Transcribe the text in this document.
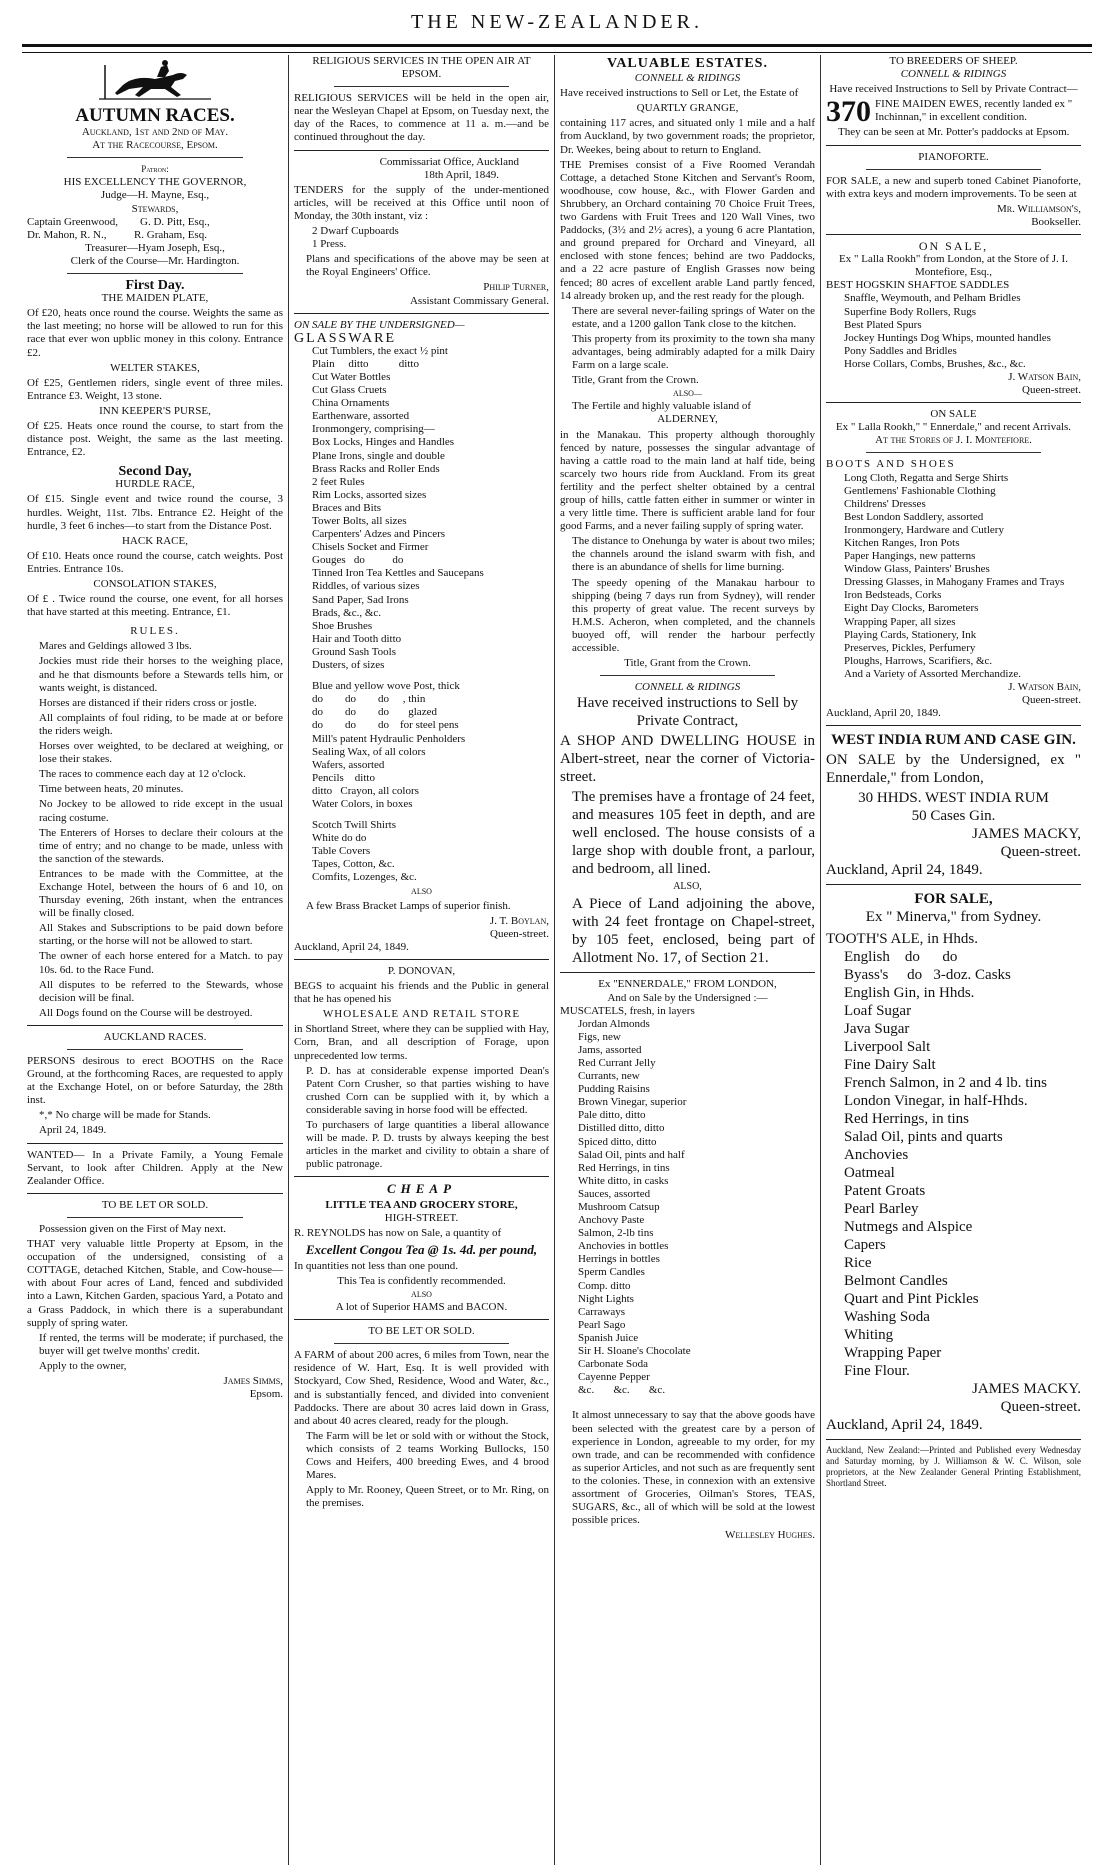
THE NEW-ZEALANDER.
AUTUMN RACES.
Auckland, 1st and 2nd of May.
At the Racecourse, Epsom.
Patron:
HIS EXCELLENCY THE GOVERNOR,
Judge—H. Mayne, Esq.,
Stewards,
Captain Greenwood,        G. D. Pitt, Esq.,
Dr. Mahon, R. N.,          R. Graham, Esq.
Treasurer—Hyam Joseph, Esq.,
Clerk of the Course—Mr. Hardington.
First Day.
THE MAIDEN PLATE,

Of £20, heats once round the course. Weights the same as the last meeting; no horse will be allowed to run for this race that ever won upblic money in this colony. Entrance £2.

WELTER STAKES,

Of £25, Gentlemen riders, single event of three miles. Entrance £3. Weight, 13 stone.

INN KEEPER'S PURSE,

Of £25. Heats once round the course, to start from the distance post. Weight, the same as the last meeting. Entrance, £2.

Second Day,
HURDLE RACE,

Of £15. Single event and twice round the course, 3 hurdles. Weight, 11st. 7lbs. Entrance £2. Height of the hurdle, 3 feet 6 inches—to start from the Distance Post.

HACK RACE,

Of £10. Heats once round the course, catch weights. Post Entries. Entrance 10s.

CONSOLATION STAKES,

Of £ . Twice round the course, one event, for all horses that have started at this meeting. Entrance, £1.

RULES.

Mares and Geldings allowed 3 lbs.

Jockies must ride their horses to the weighing place, and he that dismounts before a Stewards tells him, or wants weight, is distanced.

Horses are distanced if their riders cross or jostle.

All complaints of foul riding, to be made at or before the riders weigh.

Horses over weighted, to be declared at weighing, or lose their stakes.

The races to commence each day at 12 o'clock.

Time between heats, 20 minutes.

No Jockey to be allowed to ride except in the usual racing costume.

The Enterers of Horses to declare their colours at the time of entry; and no change to be made, unless with the sanction of the stewards.

Entrances to be made with the Committee, at the Exchange Hotel, between the hours of 6 and 10, on Thursday evening, 26th instant, when the entrances will be finally closed.

All Stakes and Subscriptions to be paid down before starting, or the horse will not be allowed to start.

The owner of each horse entered for a Match. to pay 10s. 6d. to the Race Fund.

All disputes to be referred to the Stewards, whose decision will be final.

All Dogs found on the Course will be destroyed.

AUCKLAND RACES.

PERSONS desirous to erect BOOTHS on the Race Ground, at the forthcoming Races, are requested to apply at the Exchange Hotel, on or before Saturday, the 28th inst.

*,* No charge will be made for Stands.

April 24, 1849.

WANTED— In a Private Family, a Young Female Servant, to look after Children. Apply at the New Zealander Office.

TO BE LET OR SOLD.

Possession given on the First of May next.

THAT very valuable little Property at Epsom, in the occupation of the undersigned, consisting of a COTTAGE, detached Kitchen, Stable, and Cow-house—with about Four acres of Land, fenced and subdivided into a Lawn, Kitchen Garden, spacious Yard, a Potato and a Grass Paddock, in which there is a superabundant supply of spring water.

If rented, the terms will be moderate; if purchased, the buyer will get twelve months' credit.

Apply to the owner,

James Simms,
Epsom.
RELIGIOUS SERVICES IN THE OPEN AIR AT EPSOM.

RELIGIOUS SERVICES will be held in the open air, near the Wesleyan Chapel at Epsom, on Tuesday next, the day of the Races, to commence at 11 a. m.—and be continued throughout the day.

Commissariat Office, Auckland
18th April, 1849.

TENDERS for the supply of the under-mentioned articles, will be received at this Office until noon of Monday, the 30th instant, viz :

2 Dwarf Cupboards
1 Press.

Plans and specifications of the above may be seen at the Royal Engineers' Office.

Philip Turner,
Assistant Commissary General.
ON SALE BY THE UNDERSIGNED—
GLASSWARE
Cut Tumblers, the exact ½ pint
Plain     ditto           ditto
Cut Water Bottles
Cut Glass Cruets
China Ornaments
Earthenware, assorted
Ironmongery, comprising—
Box Locks, Hinges and Handles
Plane Irons, single and double
Brass Racks and Roller Ends
2 feet Rules
Rim Locks, assorted sizes
Braces and Bits
Tower Bolts, all sizes
Carpenters' Adzes and Pincers
Chisels Socket and Firmer
Gouges   do          do
Tinned Iron Tea Kettles and Saucepans
Riddles, of various sizes
Sand Paper, Sad Irons
Brads, &c., &c.
Shoe Brushes
Hair and Tooth ditto
Ground Sash Tools
Dusters, of sizes
Blue and yellow wove Post, thick
do        do        do     , thin
do        do        do       glazed
do        do        do    for steel pens
Mill's patent Hydraulic Penholders
Sealing Wax, of all colors
Wafers, assorted
Pencils    ditto
ditto   Crayon, all colors
Water Colors, in boxes
Scotch Twill Shirts
White do do
Table Covers
Tapes, Cotton, &c.
Comfits, Lozenges, &c.
ALSO

A few Brass Bracket Lamps of superior finish.

J. T. Boylan,
Queen-street.
Auckland, April 24, 1849.
P. DONOVAN,

BEGS to acquaint his friends and the Public in general that he has opened his

WHOLESALE AND RETAIL STORE

in Shortland Street, where they can be supplied with Hay, Corn, Bran, and all description of Forage, upon unprecedented low terms.

P. D. has at considerable expense imported Dean's Patent Corn Crusher, so that parties wishing to have crushed Corn can be supplied with it, by which a considerable saving in horse food will be effected.

To purchasers of large quantities a liberal allowance will be made. P. D. trusts by always keeping the best articles in the market and civility to obtain a share of public patronage.

CHEAP
LITTLE TEA AND GROCERY STORE,
HIGH-STREET.

R. REYNOLDS has now on Sale, a quantity of

Excellent Congou Tea @ 1s. 4d. per pound,

In quantities not less than one pound.

This Tea is confidently recommended.
ALSO
A lot of Superior HAMS and BACON.
TO BE LET OR SOLD.

A FARM of about 200 acres, 6 miles from Town, near the residence of W. Hart, Esq. It is well provided with Stockyard, Cow Shed, Residence, Wood and Water, &c., and is substantially fenced, and divided into convenient Paddocks. There are about 30 acres laid down in Grass, and about 40 acres cleared, ready for the plough.

The Farm will be let or sold with or without the Stock, which consists of 2 teams Working Bullocks, 150 Cows and Heifers, 400 breeding Ewes, and 4 brood Mares.

Apply to Mr. Rooney, Queen Street, or to Mr. Ring, on the premises.

VALUABLE ESTATES.
CONNELL & RIDINGS

Have received instructions to Sell or Let, the Estate of

QUARTLY GRANGE,

containing 117 acres, and situated only 1 mile and a half from Auckland, by two government roads; the proprietor, Dr. Weekes, being about to return to England.

THE Premises consist of a Five Roomed Verandah Cottage, a detached Stone Kitchen and Servant's Room, woodhouse, cow house, &c., with Flower Garden and Shrubbery, an Orchard containing 70 Choice Fruit Trees, two Gardens with Fruit Trees and 120 Wall Vines, two Paddocks, (3½ and 2½ acres), a young 6 acre Plantation, and ground prepared for Orchard and Vineyard, all enclosed with stone fences; behind are two Paddocks, and a 22 acre pasture of English Grasses now being fenced; 80 acres of excellent arable Land partly fenced, 14 already broken up, and the rest ready for the plough.

There are several never-failing springs of Water on the estate, and a 1200 gallon Tank close to the kitchen.

This property from its proximity to the town sha many advantages, being admirably adapted for a milk Dairy Farm on a large scale.

Title, Grant from the Crown.
ALSO—
The Fertile and highly valuable island of
ALDERNEY,

in the Manakau. This property although thoroughly fenced by nature, possesses the singular advantage of having a cattle road to the main land at half tide, being scarcely two hours ride from Auckland. From its great fertility and the perfect shelter obtained by a central group of hills, cattle fatten either in summer or winter in a very little time. There is sufficient arable land for four good Farms, and a never failing supply of spring water.

The distance to Onehunga by water is about two miles; the channels around the island swarm with fish, and there is an abundance of shells for lime burning.

The speedy opening of the Manakau harbour to shipping (being 7 days run from Sydney), will render this property of great value. The recent surveys by H.M.S. Acheron, when completed, and the channels buoyed off, will render the harbour perfectly accessible.

Title, Grant from the Crown.
CONNELL & RIDINGS
Have received instructions to Sell by Private Contract,

A SHOP AND DWELLING HOUSE in Albert-street, near the corner of Victoria-street.

The premises have a frontage of 24 feet, and measures 105 feet in depth, and are well enclosed. The house consists of a large shop with double front, a parlour, and bedroom, all lined.

ALSO,

A Piece of Land adjoining the above, with 24 feet frontage on Chapel-street, by 105 feet, enclosed, being part of Allotment No. 17, of Section 21.

Ex "ENNERDALE," FROM LONDON,
And on Sale by the Undersigned :—
MUSCATELS, fresh, in layers
Jordan Almonds
Figs, new
Jams, assorted
Red Currant Jelly
Currants, new
Pudding Raisins
Brown Vinegar, superior
Pale ditto, ditto
Distilled ditto, ditto
Spiced ditto, ditto
Salad Oil, pints and half
Red Herrings, in tins
White ditto, in casks
Sauces, assorted
Mushroom Catsup
Anchovy Paste
Salmon, 2-lb tins
Anchovies in bottles
Herrings in bottles
Sperm Candles
Comp. ditto
Night Lights
Carraways
Pearl Sago
Spanish Juice
Sir H. Sloane's Chocolate
Carbonate Soda
Cayenne Pepper
&c.       &c.       &c.

It almost unnecessary to say that the above goods have been selected with the greatest care by a person of experience in London, agreeable to my order, for my own trade, and can be recommended with confidence as superior Articles, and not such as are frequently sent to the colonies. These, in connexion with an extensive assortment of Groceries, Oilman's Stores, TEAS, SUGARS, &c., all of which will be sold at the lowest possible prices.

Wellesley Hughes.
TO BREEDERS OF SHEEP.
CONNELL & RIDINGS

Have received Instructions to Sell by Private Contract—

370 FINE MAIDEN EWES, recently landed ex " Inchinnan," in excellent condition.

They can be seen at Mr. Potter's paddocks at Epsom.

PIANOFORTE.

FOR SALE, a new and superb toned Cabinet Pianoforte, with extra keys and modern improvements. To be seen at

Mr. Williamson's,
Bookseller.
ON SALE,
Ex " Lalla Rookh" from London, at the Store of J. I. Montefiore, Esq.,
BEST HOGSKIN SHAFTOE SADDLES
Snaffle, Weymouth, and Pelham Bridles
Superfine Body Rollers, Rugs
Best Plated Spurs
Jockey Huntings Dog Whips, mounted handles
Pony Saddles and Bridles
Horse Collars, Combs, Brushes, &c., &c.
J. Watson Bain,
Queen-street.
ON SALE
Ex " Lalla Rookh," " Ennerdale," and recent Arrivals.
At the Stores of J. I. Montefiore.
BOOTS AND SHOES
Long Cloth, Regatta and Serge Shirts
Gentlemens' Fashionable Clothing
Childrens' Dresses
Best London Saddlery, assorted
Ironmongery, Hardware and Cutlery
Kitchen Ranges, Iron Pots
Paper Hangings, new patterns
Window Glass, Painters' Brushes
Dressing Glasses, in Mahogany Frames and Trays
Iron Bedsteads, Corks
Eight Day Clocks, Barometers
Wrapping Paper, all sizes
Playing Cards, Stationery, Ink
Preserves, Pickles, Perfumery
Ploughs, Harrows, Scarifiers, &c.
And a Variety of Assorted Merchandize.
J. Watson Bain,
Queen-street.
Auckland, April 20, 1849.
WEST INDIA RUM AND CASE GIN.

ON SALE by the Undersigned, ex " Ennerdale," from London,

30 HHDS. WEST INDIA RUM
50 Cases Gin.
JAMES MACKY,
Queen-street.
Auckland, April 24, 1849.
FOR SALE,
Ex " Minerva," from Sydney.
TOOTH'S ALE, in Hhds.
English    do      do
Byass's     do   3-doz. Casks
English Gin, in Hhds.
Loaf Sugar
Java Sugar
Liverpool Salt
Fine Dairy Salt
French Salmon, in 2 and 4 lb. tins
London Vinegar, in half-Hhds.
Red Herrings, in tins
Salad Oil, pints and quarts
Anchovies
Oatmeal
Patent Groats
Pearl Barley
Nutmegs and Alspice
Capers
Rice
Belmont Candles
Quart and Pint Pickles
Washing Soda
Whiting
Wrapping Paper
Fine Flour.
JAMES MACKY.
Queen-street.
Auckland, April 24, 1849.

Auckland, New Zealand:—Printed and Published every Wednesday and Saturday morning, by J. Williamson & W. C. Wilson, sole proprietors, at the New Zealander General Printing Establishment, Shortland Street.
